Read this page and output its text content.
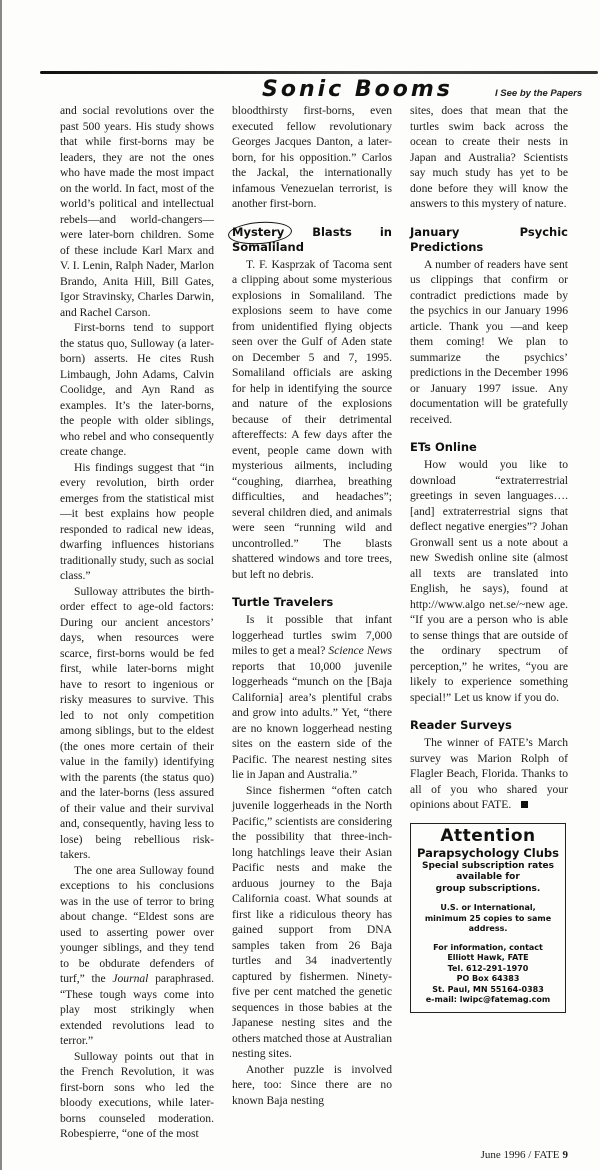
Sonic Booms	I See by the Papers

and social revolutions over the past 500 years. His study shows that while first-borns may be leaders, they are not the ones who have made the most impact on the world. In fact, most of the world’s political and intellectual rebels—and world-changers—were later-born children. Some of these include Karl Marx and V. I. Lenin, Ralph Nader, Marlon Brando, Anita Hill, Bill Gates, Igor Stravinsky, Charles Darwin, and Rachel Carson.

First-borns tend to support the status quo, Sulloway (a later-born) asserts. He cites Rush Limbaugh, John Adams, Calvin Coolidge, and Ayn Rand as examples. It’s the later-borns, the people with older siblings, who rebel and who consequently create change.

His findings suggest that “in every revolution, birth order emerges from the statistical mist—it best explains how people responded to radical new ideas, dwarfing influences historians traditionally study, such as social class.”

Sulloway attributes the birth-order effect to age-old factors: During our ancient ancestors’ days, when resources were scarce, first-borns would be fed first, while later-borns might have to resort to ingenious or risky measures to survive. This led to not only competition among siblings, but to the eldest (the ones more certain of their value in the family) identifying with the parents (the status quo) and the later-borns (less assured of their value and their survival and, consequently, having less to lose) being rebellious risk-takers.

The one area Sulloway found exceptions to his conclusions was in the use of terror to bring about change. “Eldest sons are used to asserting power over younger siblings, and they tend to be obdurate defenders of turf,” the Journal paraphrased. “These tough ways come into play most strikingly when extended revolutions lead to terror.”

Sulloway points out that in the French Revolution, it was first-born sons who led the bloody executions, while later-borns counseled moderation. Robespierre, “one of the most

bloodthirsty first-borns, even executed fellow revolutionary Georges Jacques Danton, a later-born, for his opposition.” Carlos the Jackal, the internationally infamous Venezuelan terrorist, is another first-born.

Mystery Blasts in Somaliland

T. F. Kasprzak of Tacoma sent a clipping about some mysterious explosions in Somaliland. The explosions seem to have come from unidentified flying objects seen over the Gulf of Aden state on December 5 and 7, 1995. Somaliland officials are asking for help in identifying the source and nature of the explosions because of their detrimental aftereffects: A few days after the event, people came down with mysterious ailments, including “coughing, diarrhea, breathing difficulties, and headaches”; several children died, and animals were seen “running wild and uncontrolled.” The blasts shattered windows and tore trees, but left no debris.

Turtle Travelers

Is it possible that infant loggerhead turtles swim 7,000 miles to get a meal? Science News reports that 10,000 juvenile loggerheads “munch on the [Baja California] area’s plentiful crabs and grow into adults.” Yet, “there are no known loggerhead nesting sites on the eastern side of the Pacific. The nearest nesting sites lie in Japan and Australia.”

Since fishermen “often catch juvenile loggerheads in the North Pacific,” scientists are considering the possibility that three-inch-long hatchlings leave their Asian Pacific nests and make the arduous journey to the Baja California coast. What sounds at first like a ridiculous theory has gained support from DNA samples taken from 26 Baja turtles and 34 inadvertently captured by fishermen. Ninety-five per cent matched the genetic sequences in those babies at the Japanese nesting sites and the others matched those at Australian nesting sites.

Another puzzle is involved here, too: Since there are no known Baja nesting

sites, does that mean that the turtles swim back across the ocean to create their nests in Japan and Australia? Scientists say much study has yet to be done before they will know the answers to this mystery of nature.

January Psychic Predictions

A number of readers have sent us clippings that confirm or contradict predictions made by the psychics in our January 1996 article. Thank you —and keep them coming! We plan to summarize the psychics’ predictions in the December 1996 or January 1997 issue. Any documentation will be gratefully received.

ETs Online

How would you like to download “extraterrestrial greetings in seven languages….[and] extraterrestrial signs that deflect negative energies”? Johan Gronwall sent us a note about a new Swedish online site (almost all texts are translated into English, he says), found at http://www.algo net.se/~new age. “If you are a person who is able to sense things that are outside of the ordinary spectrum of perception,” he writes, “you are likely to experience something special!” Let us know if you do.

Reader Surveys

The winner of FATE’s March survey was Marion Rolph of Flagler Beach, Florida. Thanks to all of you who shared your opinions about FATE.

Attention
Parapsychology Clubs
Special subscription rates
available for
group subscriptions.
U.S. or International,
minimum 25 copies to same
address.
For information, contact
Elliott Hawk, FATE
Tel. 612-291-1970
PO Box 64383
St. Paul, MN 55164-0383
e-mail: lwipc@fatemag.com
June 1996 / FATE 9
